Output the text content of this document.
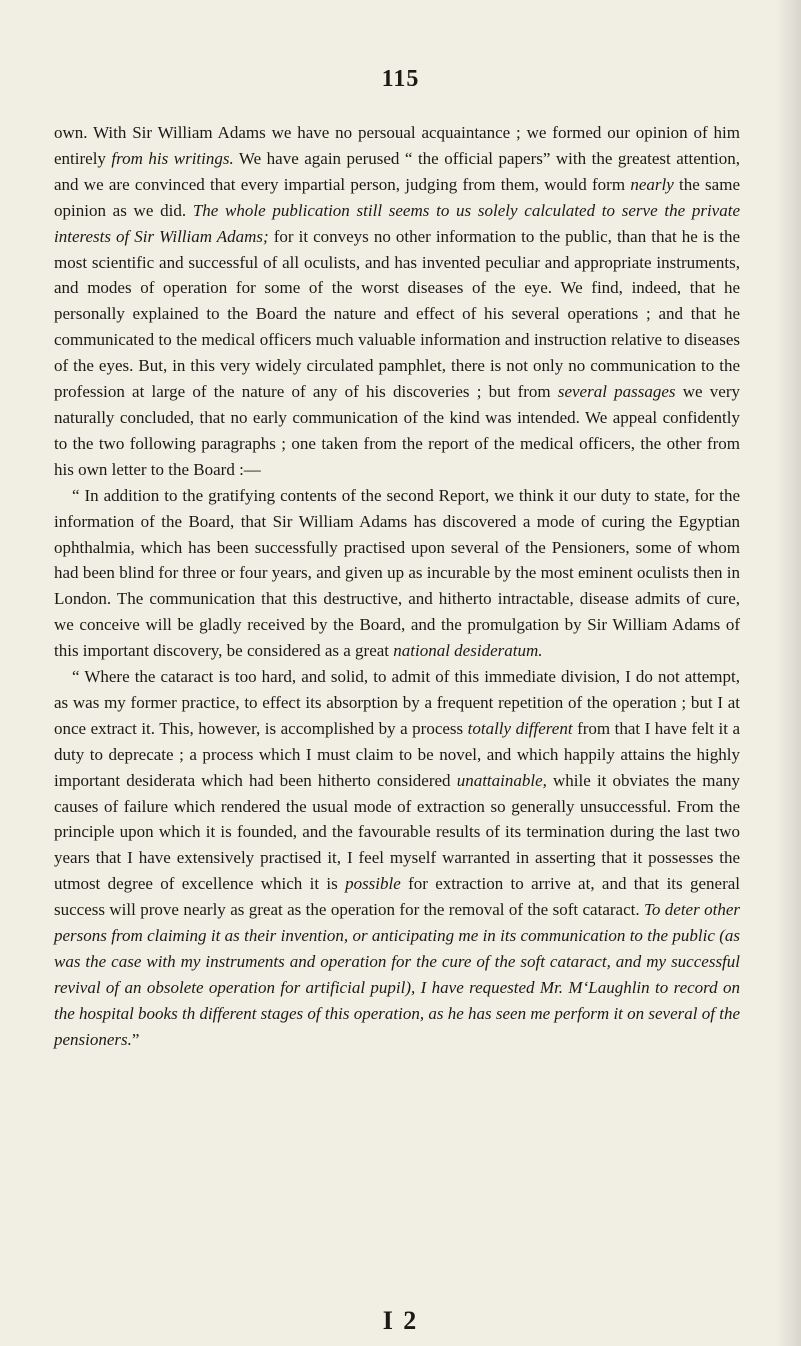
115

own. With Sir William Adams we have no persoual acquaintance ; we formed our opinion of him entirely from his writings. We have again perused “ the official papers” with the greatest attention, and we are convinced that every impartial person, judging from them, would form nearly the same opinion as we did. The whole publication still seems to us solely calculated to serve the private interests of Sir William Adams; for it conveys no other information to the public, than that he is the most scientific and successful of all oculists, and has invented peculiar and appropriate instruments, and modes of operation for some of the worst diseases of the eye. We find, indeed, that he personally explained to the Board the nature and effect of his several operations ; and that he communicated to the medical officers much valuable information and instruction relative to diseases of the eyes. But, in this very widely circulated pamphlet, there is not only no communication to the profession at large of the nature of any of his discoveries ; but from several passages we very naturally concluded, that no early communication of the kind was intended. We appeal confidently to the two following paragraphs ; one taken from the report of the medical officers, the other from his own letter to the Board :—

“ In addition to the gratifying contents of the second Report, we think it our duty to state, for the information of the Board, that Sir William Adams has discovered a mode of curing the Egyptian ophthalmia, which has been successfully practised upon several of the Pensioners, some of whom had been blind for three or four years, and given up as incurable by the most eminent oculists then in London. The communication that this destructive, and hitherto intractable, disease admits of cure, we conceive will be gladly received by the Board, and the promulgation by Sir William Adams of this important discovery, be considered as a great national desideratum.

“ Where the cataract is too hard, and solid, to admit of this immediate division, I do not attempt, as was my former practice, to effect its absorption by a frequent repetition of the operation ; but I at once extract it. This, however, is accomplished by a process totally different from that I have felt it a duty to deprecate ; a process which I must claim to be novel, and which happily attains the highly important desiderata which had been hitherto considered unattainable, while it obviates the many causes of failure which rendered the usual mode of extraction so generally unsuccessful. From the principle upon which it is founded, and the favourable results of its termination during the last two years that I have extensively practised it, I feel myself warranted in asserting that it possesses the utmost degree of excellence which it is possible for extraction to arrive at, and that its general success will prove nearly as great as the operation for the removal of the soft cataract. To deter other persons from claiming it as their invention, or anticipating me in its communication to the public (as was the case with my instruments and operation for the cure of the soft cataract, and my successful revival of an obsolete operation for artificial pupil), I have requested Mr. M‘Laughlin to record on the hospital books th different stages of this operation, as he has seen me perform it on several of the pensioners.”

I 2
